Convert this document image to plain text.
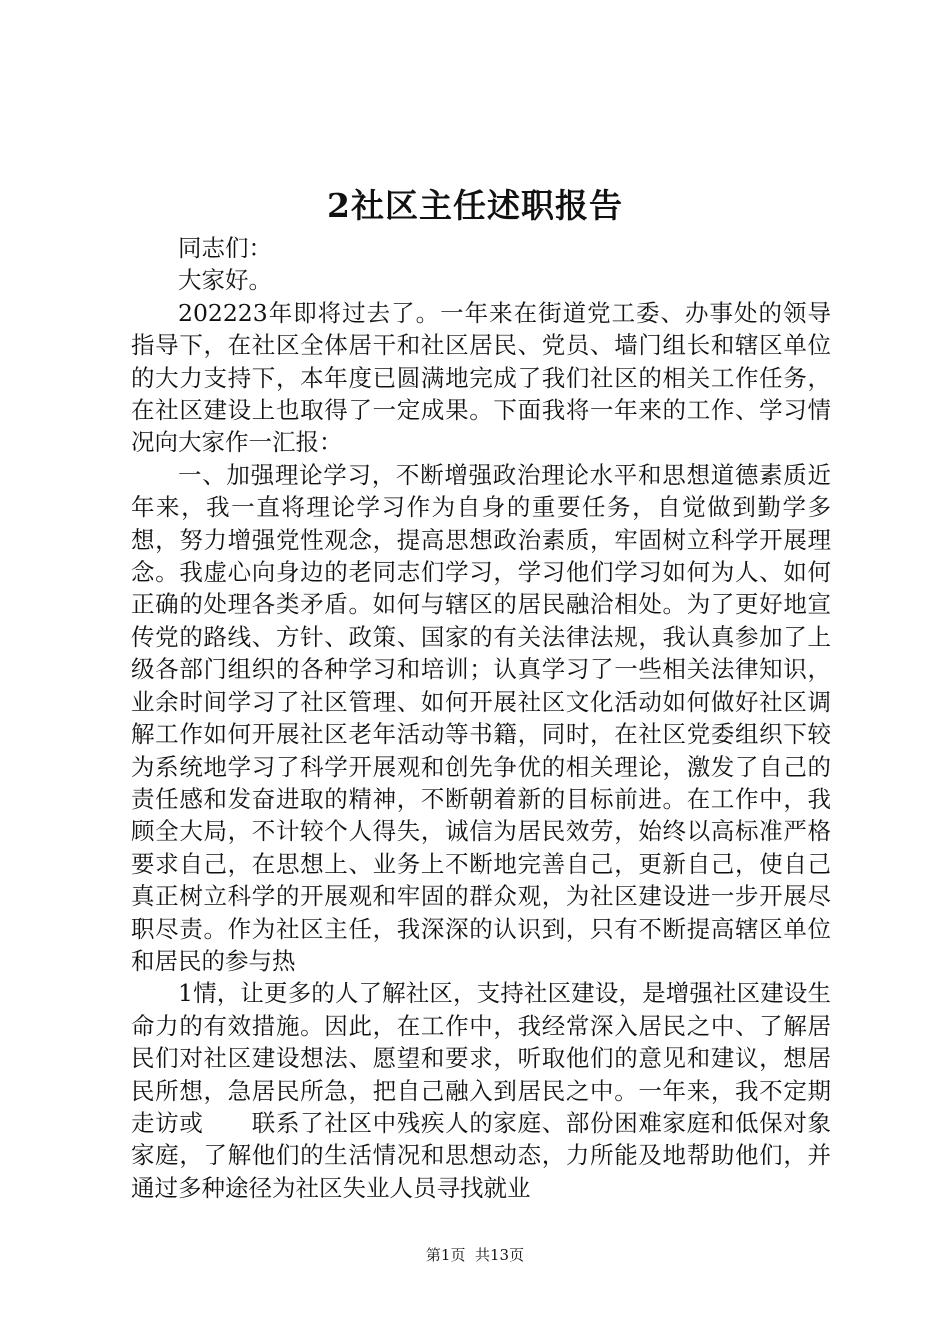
2社区主任述职报告

同志们：

大家好。

202223年即将过去了。一年来在街道党工委、办事处的领导指导下，在社区全体居干和社区居民、党员、墙门组长和辖区单位的大力支持下，本年度已圆满地完成了我们社区的相关工作任务，在社区建设上也取得了一定成果。下面我将一年来的工作、学习情况向大家作一汇报：

一、加强理论学习，不断增强政治理论水平和思想道德素质近年来，我一直将理论学习作为自身的重要任务，自觉做到勤学多想，努力增强党性观念，提高思想政治素质，牢固树立科学开展理念。我虚心向身边的老同志们学习，学习他们学习如何为人、如何正确的处理各类矛盾。如何与辖区的居民融洽相处。为了更好地宣传党的路线、方针、政策、国家的有关法律法规，我认真参加了上级各部门组织的各种学习和培训；认真学习了一些相关法律知识，业余时间学习了社区管理、如何开展社区文化活动如何做好社区调解工作如何开展社区老年活动等书籍，同时，在社区党委组织下较为系统地学习了科学开展观和创先争优的相关理论，激发了自己的责任感和发奋进取的精神，不断朝着新的目标前进。在工作中，我顾全大局，不计较个人得失，诚信为居民效劳，始终以高标准严格要求自己，在思想上、业务上不断地完善自己，更新自己，使自己真正树立科学的开展观和牢固的群众观，为社区建设进一步开展尽职尽责。作为社区主任，我深深的认识到，只有不断提高辖区单位和居民的参与热

1情，让更多的人了解社区，支持社区建设，是增强社区建设生命力的有效措施。因此，在工作中，我经常深入居民之中、了解居民们对社区建设想法、愿望和要求，听取他们的意见和建议，想居民所想，急居民所急，把自己融入到居民之中。一年来，我不定期走访或　　联系了社区中残疾人的家庭、部份困难家庭和低保对象家庭，了解他们的生活情况和思想动态，力所能及地帮助他们，并通过多种途径为社区失业人员寻找就业

第1页 共13页
